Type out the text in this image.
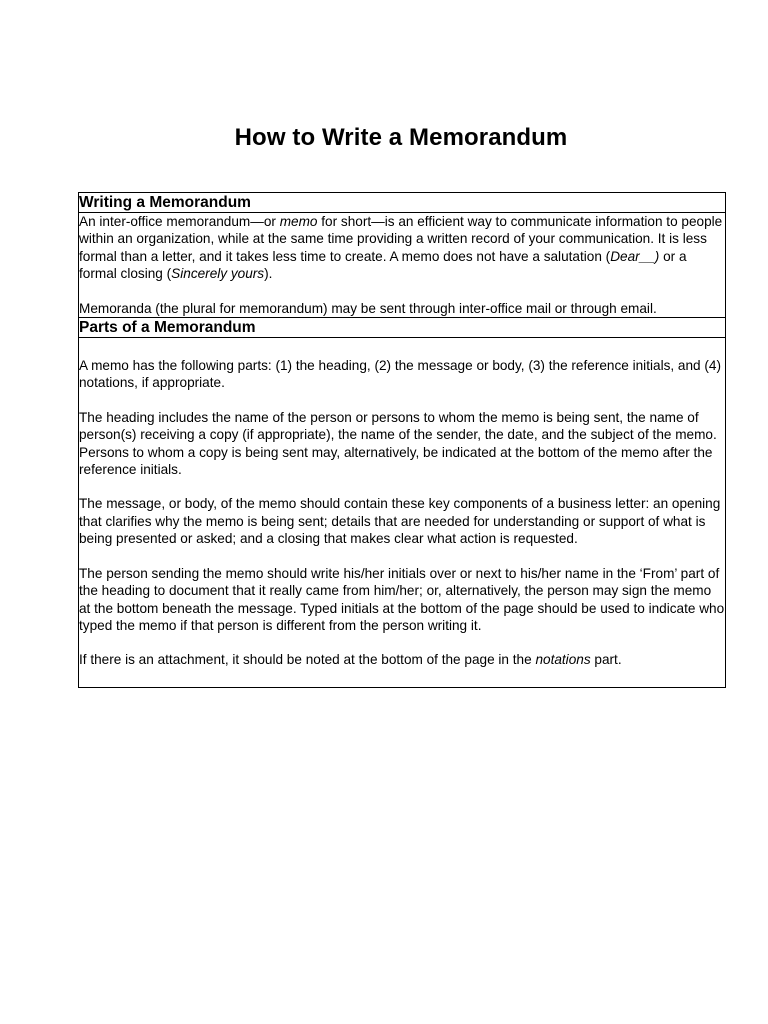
How to Write a Memorandum
Writing a Memorandum

An inter-office memorandum—or memo for short—is an efficient way to communicate information to people within an organization, while at the same time providing a written record of your communication. It is less formal than a letter, and it takes less time to create. A memo does not have a salutation (Dear__) or a formal closing (Sincerely yours).

Memoranda (the plural for memorandum) may be sent through inter-office mail or through email.

Parts of a Memorandum

A memo has the following parts: (1) the heading, (2) the message or body, (3) the reference initials, and (4) notations, if appropriate.

The heading includes the name of the person or persons to whom the memo is being sent, the name of person(s) receiving a copy (if appropriate), the name of the sender, the date, and the subject of the memo. Persons to whom a copy is being sent may, alternatively, be indicated at the bottom of the memo after the reference initials.

The message, or body, of the memo should contain these key components of a business letter: an opening that clarifies why the memo is being sent; details that are needed for understanding or support of what is being presented or asked; and a closing that makes clear what action is requested.

The person sending the memo should write his/her initials over or next to his/her name in the ‘From’ part of the heading to document that it really came from him/her; or, alternatively, the person may sign the memo at the bottom beneath the message. Typed initials at the bottom of the page should be used to indicate who typed the memo if that person is different from the person writing it.

If there is an attachment, it should be noted at the bottom of the page in the notations part.
